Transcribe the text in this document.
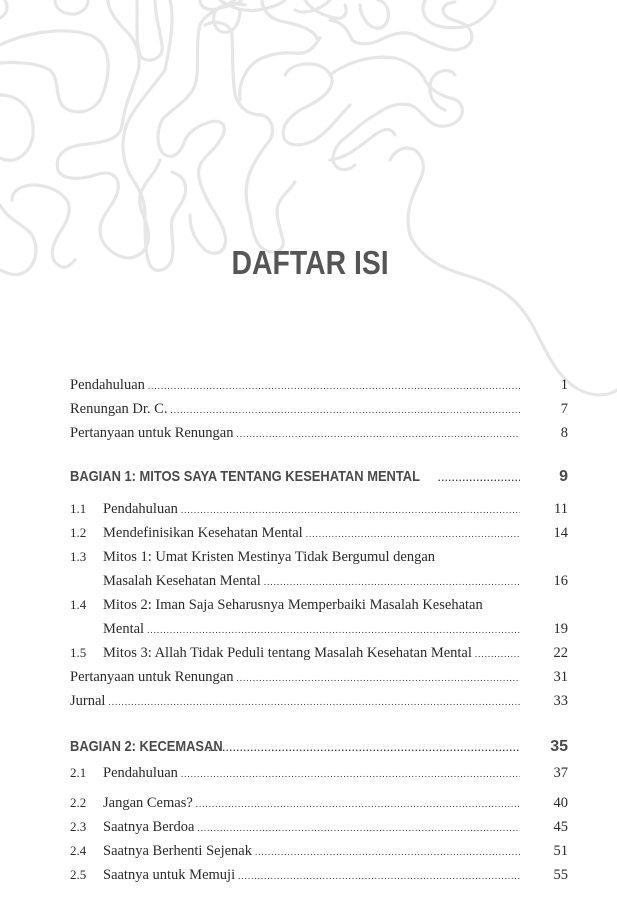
DAFTAR ISI
Pendahuluan .....	1
Renungan Dr. C. .....	7
Pertanyaan untuk Renungan .....	8
BAGIAN 1: MITOS SAYA TENTANG KESEHATAN MENTAL .....	9
1.1	Pendahuluan .....	11
1.2	Mendefinisikan Kesehatan Mental .....	14
1.3	Mitos 1: Umat Kristen Mestinya Tidak Bergumul dengan
Masalah Kesehatan Mental .....	16
1.4	Mitos 2: Iman Saja Seharusnya Memperbaiki Masalah Kesehatan
Mental .....	19
1.5	Mitos 3: Allah Tidak Peduli tentang Masalah Kesehatan Mental .....	22
Pertanyaan untuk Renungan .....	31
Jurnal .....	33
BAGIAN 2: KECEMASAN .....	35
2.1	Pendahuluan .....	37
2.2	Jangan Cemas? .....	40
2.3	Saatnya Berdoa .....	45
2.4	Saatnya Berhenti Sejenak .....	51
2.5	Saatnya untuk Memuji .....	55
